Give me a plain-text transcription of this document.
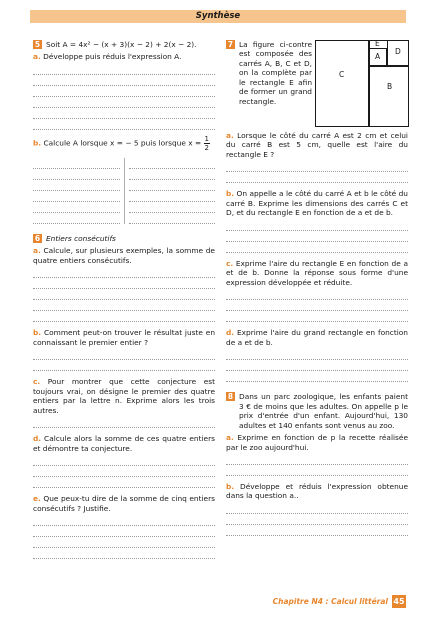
Synthèse
5 Soit A = 4x² − (x + 3)(x − 2) + 2(x − 2).
a. Développe puis réduis l'expression A.
b. Calcule A lorsque x = − 5 puis lorsque $x = \frac{1}{2}$
6 Entiers consécutifs
a. Calcule, sur plusieurs exemples, la somme de quatre entiers consécutifs.
b. Comment peut-on trouver le résultat juste en connaissant le premier entier ?
c. Pour montrer que cette conjecture est toujours vrai, on désigne le premier des quatre entiers par la lettre n. Exprime alors les trois autres.
d. Calcule alors la somme de ces quatre entiers et démontre ta conjecture.
e. Que peux-tu dire de la somme de cinq entiers consécutifs ? Justifie.
7 La figure ci-contre est composée des carrés A, B, C et D, on la complète par le rectangle E afin de former un grand rectangle.
E
A
D
C
B
a. Lorsque le côté du carré A est 2 cm et celui du carré B est 5 cm, quelle est l'aire du rectangle E ?
b. On appelle a le côté du carré A et b le côté du carré B. Exprime les dimensions des carrés C et D, et du rectangle E en fonction de a et de b.
c. Exprime l'aire du rectangle E en fonction de a et de b. Donne la réponse sous forme d'une expression développée et réduite.
d. Exprime l'aire du grand rectangle en fonction de a et de b.
8 Dans un parc zoologique, les enfants paient 3 € de moins que les adultes. On appelle p le prix d'entrée d'un enfant. Aujourd'hui, 130 adultes et 140 enfants sont venus au zoo.
a. Exprime en fonction de p la recette réalisée par le zoo aujourd'hui.
b. Développe et réduis l'expression obtenue dans la question a..
Chapitre N4 : Calcul littéral 45
